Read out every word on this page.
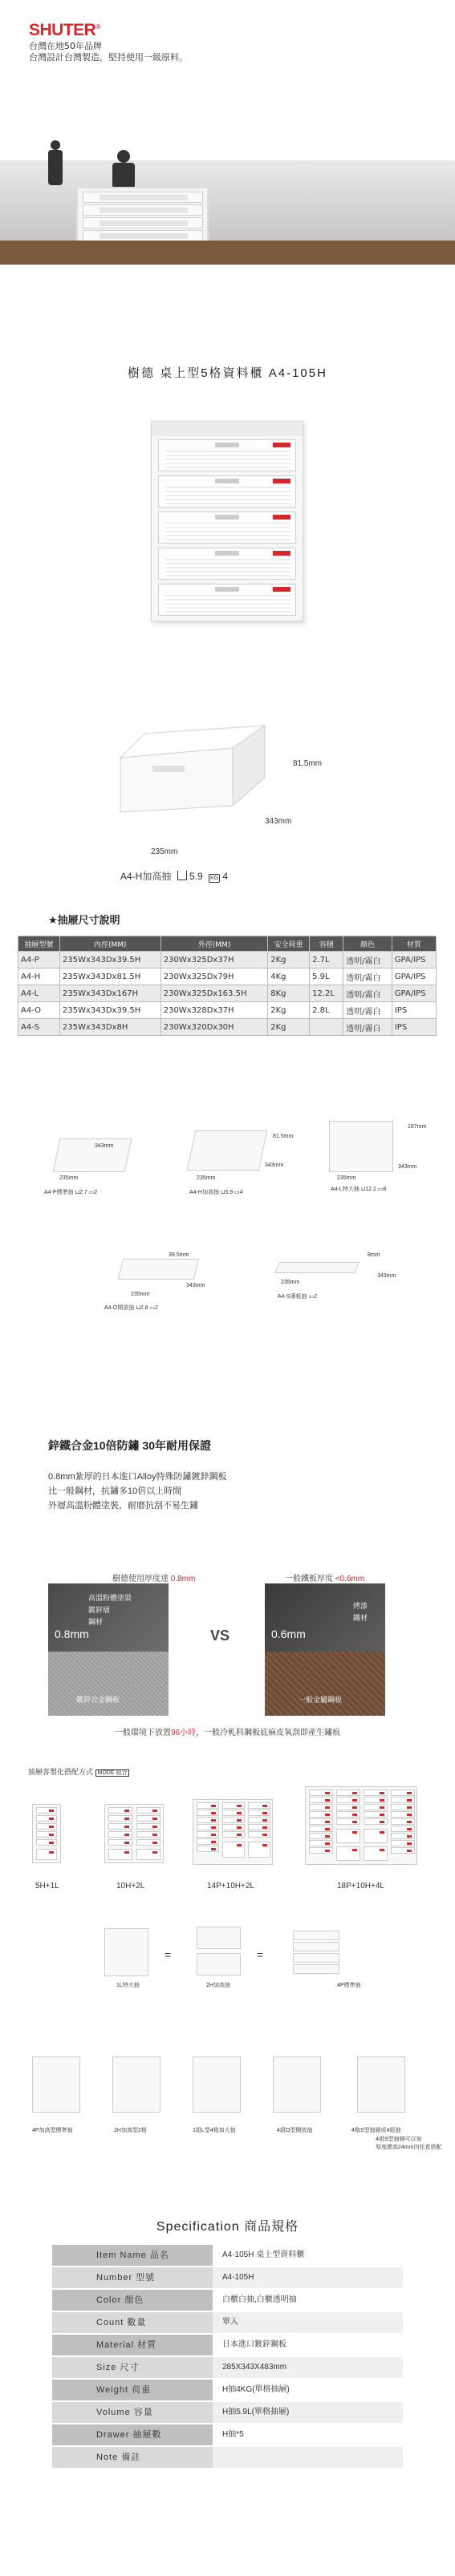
SHUTER®
台灣在地50年品牌
台灣設計台灣製造，堅持使用一級原料。
樹德 桌上型5格資料櫃 A4-105H
81.5mm
343mm
235mm
A4-H加高抽 5.9 KG 4
★抽屜尺寸說明
抽屜型號	內徑(MM)	外徑(MM)	安全荷重	容積	顏色	材質
A4-P	235Wx343Dx39.5H	230Wx325Dx37H	2Kg	2.7L	透明/霧白	GPA/IPS
A4-H	235Wx343Dx81.5H	230Wx325Dx79H	4Kg	5.9L	透明/霧白	GPA/IPS
A4-L	235Wx343Dx167H	230Wx325Dx163.5H	8Kg	12.2L	透明/霧白	GPA/IPS
A4-O	235Wx343Dx39.5H	230Wx328Dx37H	2Kg	2.8L	透明/霧白	IPS
A4-S	235Wx343Dx8H	230Wx320Dx30H	2Kg		透明/霧白	IPS
343mm
235mm
A4-P標準抽 ⊔2.7 ▭2
81.5mm
343mm
235mm
A4-H加高抽 ⊔5.9 ▭4
167mm
343mm
235mm
A4-L特大抽 ⊔12.2 ▭8
39.5mm
343mm
235mm
A4-O開放抽 ⊔2.8 ▭2
8mm
343mm
235mm
A4-S薄板抽 ▭2
鋅鐵合金10倍防鏽 30年耐用保證
0.8mm紮厚的日本進口Alloy特殊防鏽鍍鋅鋼板
比一般鋼材，抗鏽多10倍以上時間
外層高溫粉體塗裝，耐磨抗刮不易生鏽
樹德使用厚度達 0.8mm
高溫粉體塗裝
鍍鋅層
鋼材
0.8mm
鍍鋅合金鋼板
VS
一般鐵板厚度 <0.6mm
烤漆
鐵材
0.6mm
一般金屬鋼板
一般環境下放置96小時，一般冷軋料鋼板底麻皮氧刮即產生鏽痕
抽屜客製化搭配方式 MODE 組合
5H+1L	10H+2L	14P+10H+2L	18P+10H+4L
1L特大抽
=
2H加高抽
=
4P標準抽
4P加高型標準抽	2H加高型2格	1組L型4格加大抽	4組O型開放抽	4格S型抽屜或4組抽
4組S型抽屜可以加
厚度總高24mm內任意搭配
Specification 商品規格
Item Name 品名	A4-105H 桌上型資料櫃
Number 型號	A4-105H
Color 顏色	白櫃白抽,白櫃透明抽
Count 數量	單入
Material 材質	日本進口鍍鋅鋼板
Size 尺寸	285X343X483mm
Weight 荷重	H抽4KG(單格抽屜)
Volume 容量	H抽5.9L(單格抽屜)
Drawer 抽屜數	H抽*5
Note 備註
